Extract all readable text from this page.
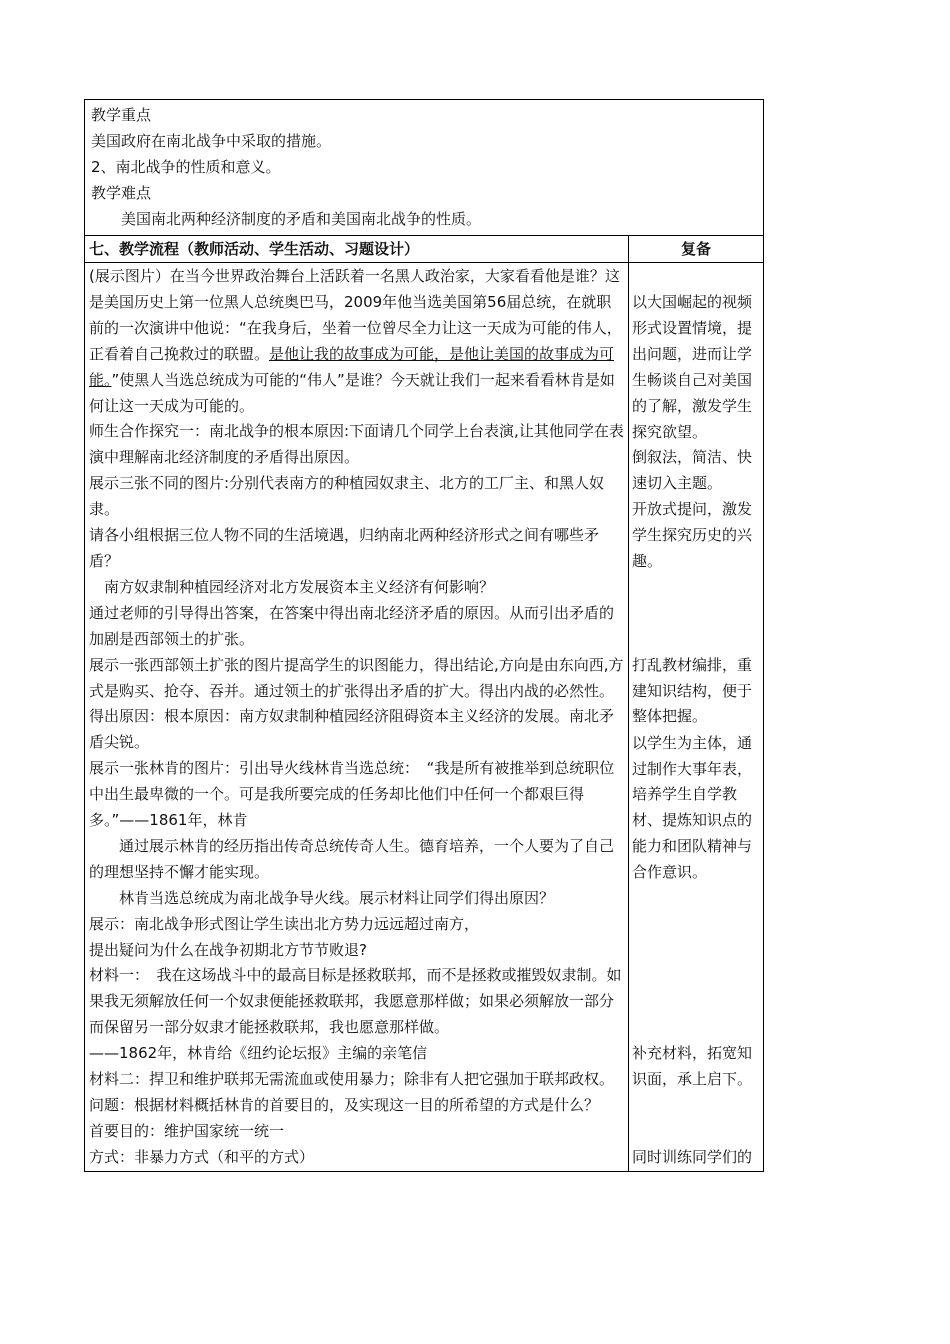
教学重点

美国政府在南北战争中采取的措施。

2、南北战争的性质和意义。

教学难点

美国南北两种经济制度的矛盾和美国南北战争的性质。

七、教学流程（教师活动、学生活动、习题设计）	复备

(展示图片）在当今世界政治舞台上活跃着一名黑人政治家，大家看看他是谁？这是美国历史上第一位黑人总统奥巴马，2009年他当选美国第56届总统，在就职前的一次演讲中他说：“在我身后，坐着一位曾尽全力让这一天成为可能的伟人，正看着自己挽救过的联盟。是他让我的故事成为可能，是他让美国的故事成为可能。”使黑人当选总统成为可能的“伟人”是谁？今天就让我们一起来看看林肯是如何让这一天成为可能的。

师生合作探究一：南北战争的根本原因:下面请几个同学上台表演,让其他同学在表演中理解南北经济制度的矛盾得出原因。

展示三张不同的图片:分别代表南方的种植园奴隶主、北方的工厂主、和黑人奴隶。

请各小组根据三位人物不同的生活境遇，归纳南北两种经济形式之间有哪些矛盾？

南方奴隶制种植园经济对北方发展资本主义经济有何影响？

通过老师的引导得出答案，在答案中得出南北经济矛盾的原因。从而引出矛盾的加剧是西部领土的扩张。

展示一张西部领土扩张的图片提高学生的识图能力，得出结论,方向是由东向西,方式是购买、抢夺、吞并。通过领土的扩张得出矛盾的扩大。得出内战的必然性。得出原因：根本原因：南方奴隶制种植园经济阻碍资本主义经济的发展。南北矛盾尖锐。

展示一张林肯的图片：引出导火线林肯当选总统：　“我是所有被推举到总统职位中出生最卑微的一个。可是我所要完成的任务却比他们中任何一个都艰巨得多。”——1861年，林肯

通过展示林肯的经历指出传奇总统传奇人生。德育培养，一个人要为了自己的理想坚持不懈才能实现。

林肯当选总统成为南北战争导火线。展示材料让同学们得出原因？

展示：南北战争形式图让学生读出北方势力远远超过南方，

提出疑问为什么在战争初期北方节节败退?

材料一：　我在这场战斗中的最高目标是拯救联邦，而不是拯救或摧毁奴隶制。如果我无须解放任何一个奴隶便能拯救联邦，我愿意那样做；如果必须解放一部分而保留另一部分奴隶才能拯救联邦，我也愿意那样做。

——1862年，林肯给《纽约论坛报》主编的亲笔信

材料二：捍卫和维护联邦无需流血或使用暴力；除非有人把它强加于联邦政权。

问题：根据材料概括林肯的首要目的，及实现这一目的所希望的方式是什么？

首要目的：维护国家统一统一

方式：非暴力方式（和平的方式）

以大国崛起的视频形式设置情境，提出问题，进而让学生畅谈自己对美国的了解，激发学生探究欲望。
倒叙法，简洁、快速切入主题。
开放式提问，激发学生探究历史的兴趣。
打乱教材编排，重建知识结构，便于整体把握。
以学生为主体，通过制作大事年表，培养学生自学教材、提炼知识点的能力和团队精神与合作意识。
补充材料，拓宽知识面，承上启下。
同时训练同学们的
